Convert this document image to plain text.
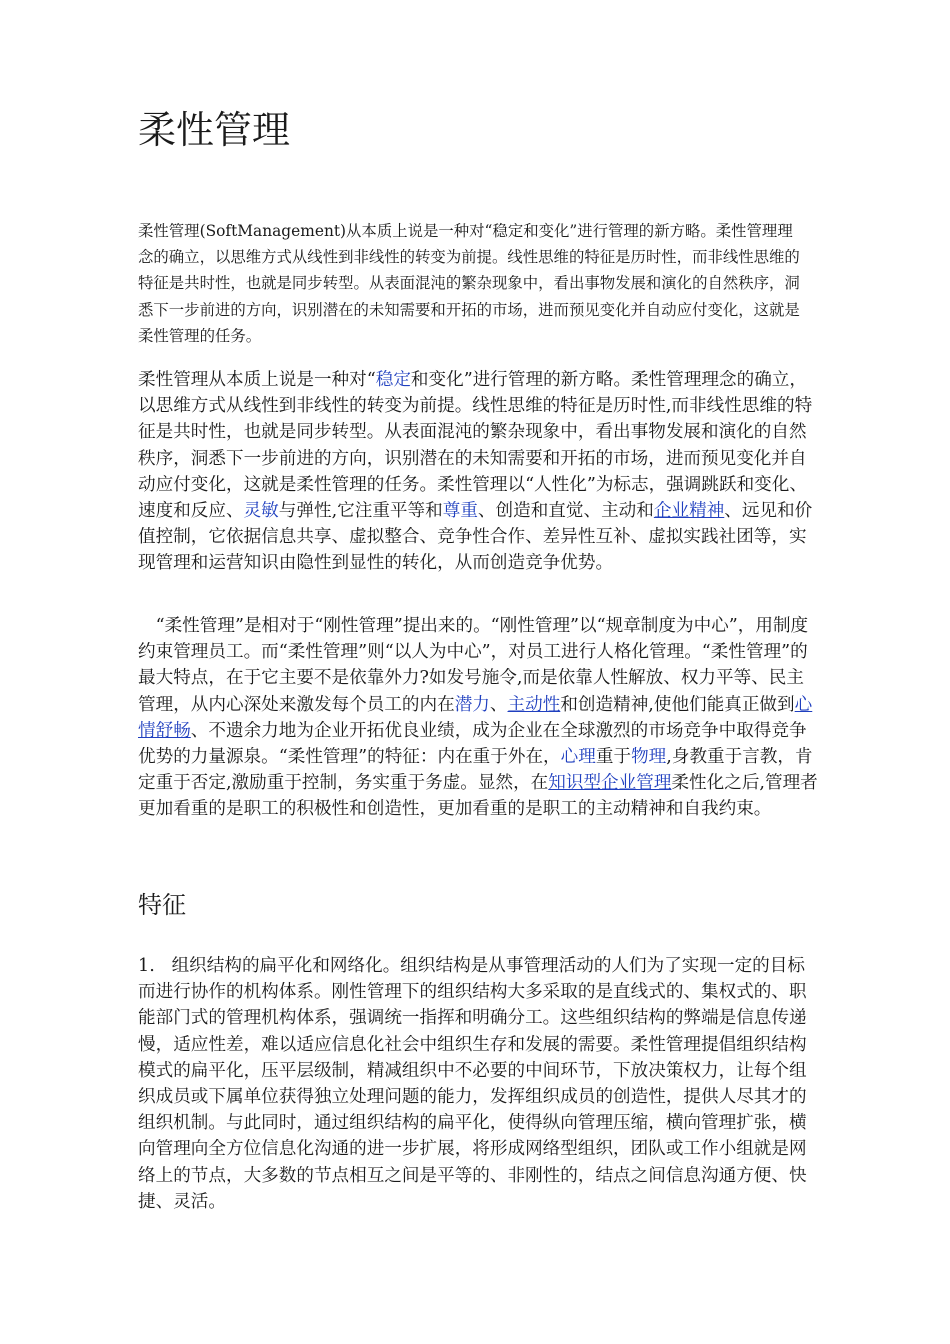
柔性管理

柔性管理(SoftManagement)从本质上说是一种对“稳定和变化”进行管理的新方略。柔性管理理念的确立，以思维方式从线性到非线性的转变为前提。线性思维的特征是历时性，而非线性思维的特征是共时性，也就是同步转型。从表面混沌的繁杂现象中，看出事物发展和演化的自然秩序，洞悉下一步前进的方向，识别潜在的未知需要和开拓的市场，进而预见变化并自动应付变化，这就是柔性管理的任务。

柔性管理从本质上说是一种对“稳定和变化”进行管理的新方略。柔性管理理念的确立，以思维方式从线性到非线性的转变为前提。线性思维的特征是历时性,而非线性思维的特征是共时性，也就是同步转型。从表面混沌的繁杂现象中，看出事物发展和演化的自然秩序，洞悉下一步前进的方向，识别潜在的未知需要和开拓的市场，进而预见变化并自动应付变化，这就是柔性管理的任务。柔性管理以“人性化”为标志，强调跳跃和变化、速度和反应、灵敏与弹性,它注重平等和尊重、创造和直觉、主动和企业精神、远见和价值控制，它依据信息共享、虚拟整合、竞争性合作、差异性互补、虚拟实践社团等，实现管理和运营知识由隐性到显性的转化，从而创造竞争优势。

　“柔性管理”是相对于“刚性管理”提出来的。“刚性管理”以“规章制度为中心”，用制度约束管理员工。而“柔性管理”则“以人为中心”，对员工进行人格化管理。“柔性管理”的最大特点，在于它主要不是依靠外力?如发号施令,而是依靠人性解放、权力平等、民主管理，从内心深处来激发每个员工的内在潜力、主动性和创造精神,使他们能真正做到心情舒畅、不遗余力地为企业开拓优良业绩，成为企业在全球激烈的市场竞争中取得竞争优势的力量源泉。“柔性管理”的特征：内在重于外在，心理重于物理,身教重于言教，肯定重于否定,激励重于控制，务实重于务虚。显然，在知识型企业管理柔性化之后,管理者更加看重的是职工的积极性和创造性，更加看重的是职工的主动精神和自我约束。

特征

1.   组织结构的扁平化和网络化。组织结构是从事管理活动的人们为了实现一定的目标而进行协作的机构体系。刚性管理下的组织结构大多采取的是直线式的、集权式的、职能部门式的管理机构体系，强调统一指挥和明确分工。这些组织结构的弊端是信息传递慢，适应性差，难以适应信息化社会中组织生存和发展的需要。柔性管理提倡组织结构模式的扁平化，压平层级制，精减组织中不必要的中间环节，下放决策权力，让每个组织成员或下属单位获得独立处理问题的能力，发挥组织成员的创造性，提供人尽其才的组织机制。与此同时，通过组织结构的扁平化，使得纵向管理压缩，横向管理扩张，横向管理向全方位信息化沟通的进一步扩展，将形成网络型组织，团队或工作小组就是网络上的节点，大多数的节点相互之间是平等的、非刚性的，结点之间信息沟通方便、快捷、灵活。
